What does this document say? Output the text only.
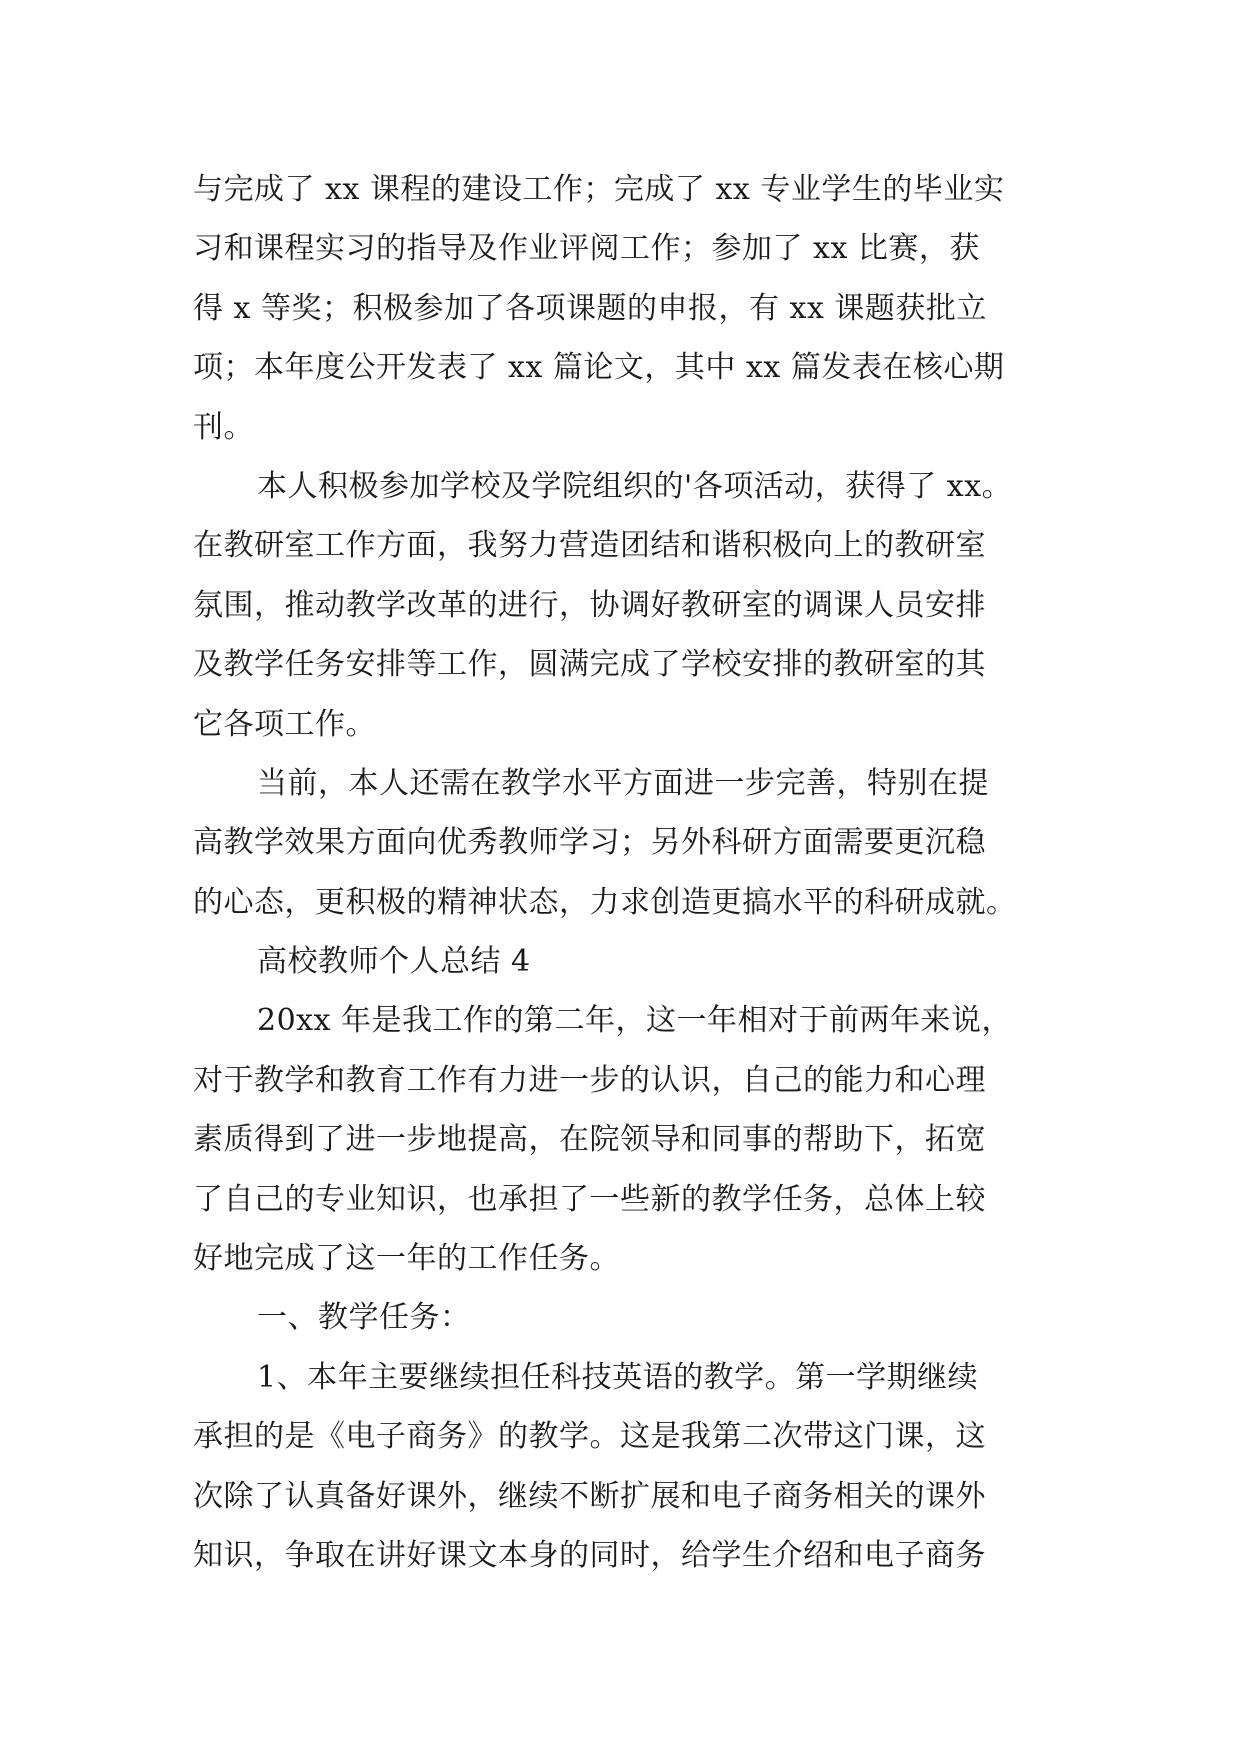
与完成了 xx 课程的建设工作；完成了 xx 专业学生的毕业实
习和课程实习的指导及作业评阅工作；参加了 xx 比赛，获
得 x 等奖；积极参加了各项课题的申报，有 xx 课题获批立
项；本年度公开发表了 xx 篇论文，其中 xx 篇发表在核心期
刊。
本人积极参加学校及学院组织的'各项活动，获得了 xx。
在教研室工作方面，我努力营造团结和谐积极向上的教研室
氛围，推动教学改革的进行，协调好教研室的调课人员安排
及教学任务安排等工作，圆满完成了学校安排的教研室的其
它各项工作。
当前，本人还需在教学水平方面进一步完善，特别在提
高教学效果方面向优秀教师学习；另外科研方面需要更沉稳
的心态，更积极的精神状态，力求创造更搞水平的科研成就。
高校教师个人总结 4
20xx 年是我工作的第二年，这一年相对于前两年来说，
对于教学和教育工作有力进一步的认识，自己的能力和心理
素质得到了进一步地提高，在院领导和同事的帮助下，拓宽
了自己的专业知识，也承担了一些新的教学任务，总体上较
好地完成了这一年的工作任务。
一、教学任务：
1、本年主要继续担任科技英语的教学。第一学期继续
承担的是《电子商务》的教学。这是我第二次带这门课，这
次除了认真备好课外，继续不断扩展和电子商务相关的课外
知识，争取在讲好课文本身的同时，给学生介绍和电子商务
